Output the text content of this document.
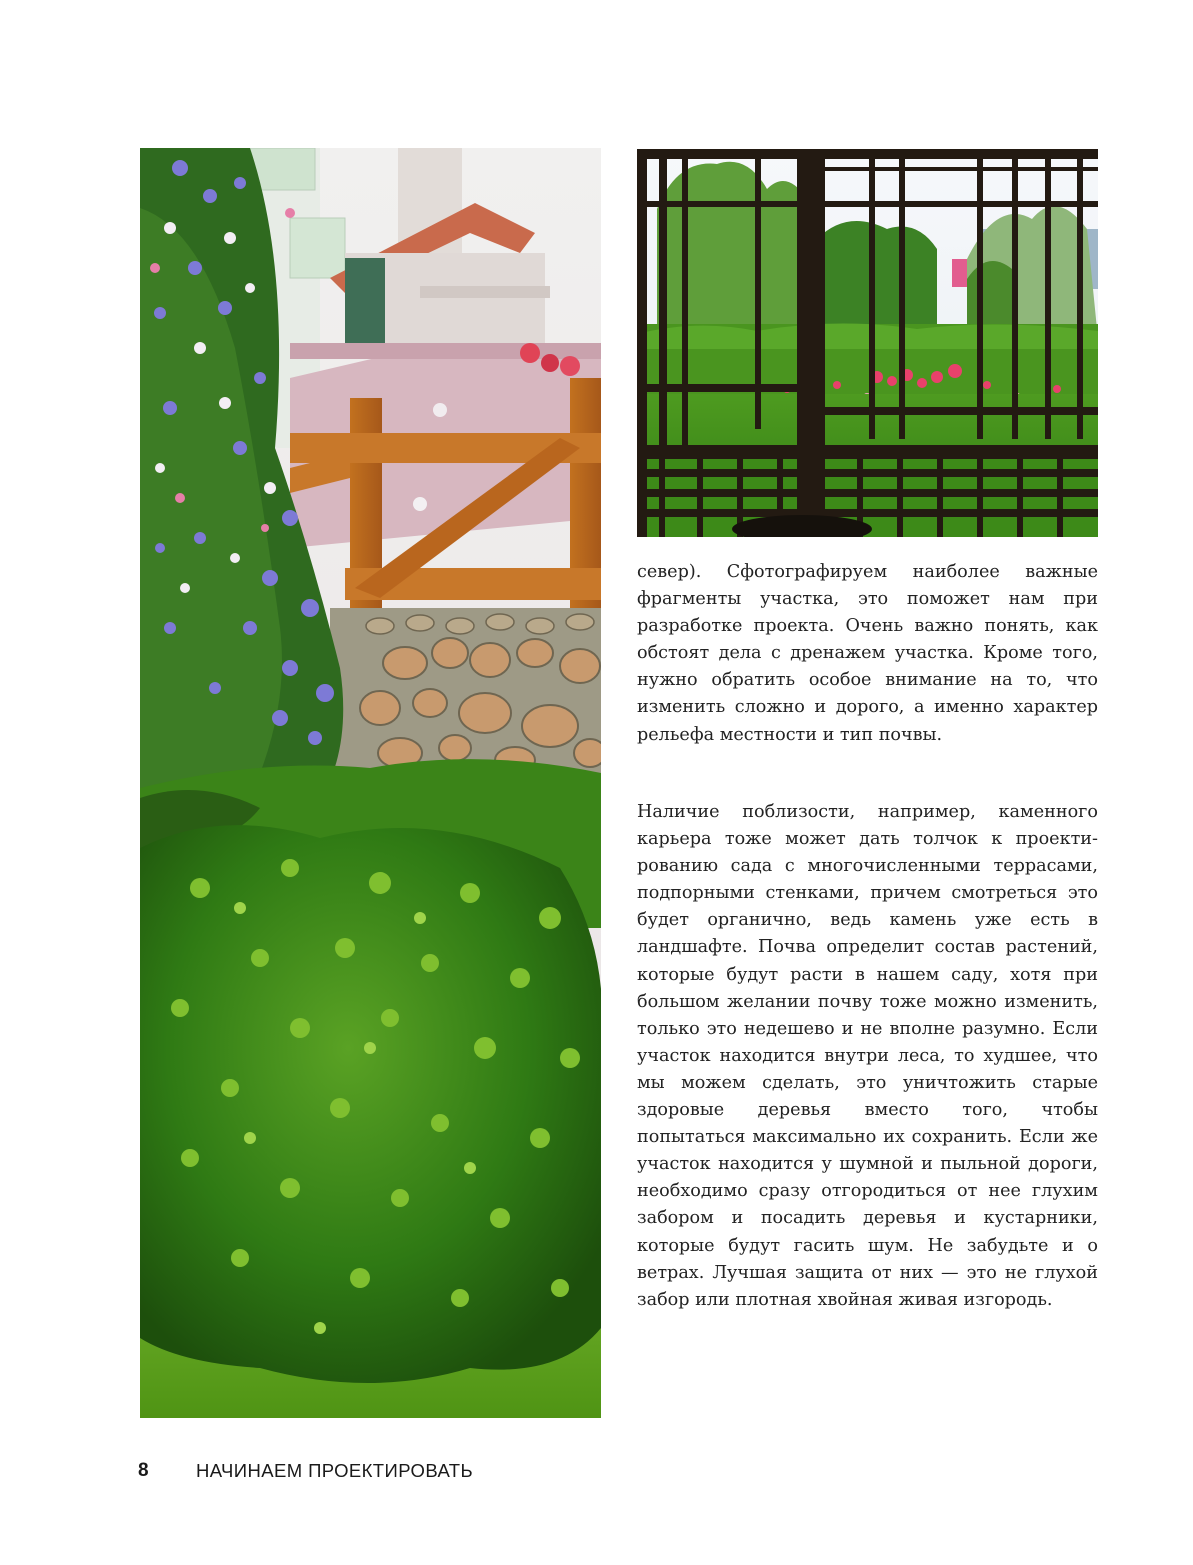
север). Сфотографируем наиболее важные фрагменты участка, это поможет нам при разработке проекта. Очень важно понять, как обстоят дела с дренажем участка. Кроме того, нужно обратить особое внимание на то, что изменить сложно и дорого, а именно характер рельефа местности и тип почвы.

Наличие поблизости, например, каменного карьера тоже может дать толчок к проектированию сада с многочисленными террасами, подпорными стенками, причем смотреться это будет органично, ведь камень уже есть в ландшафте. Почва определит состав растений, которые будут расти в нашем саду, хотя при большом желании почву тоже можно изменить, только это недешево и не вполне разумно. Если участок находится внутри леса, то худшее, что мы можем сделать, это уничтожить старые здоровые деревья вместо того, чтобы попытаться максимально их сохранить. Если же участок находится у шумной и пыльной дороги, необходимо сразу отгородиться от нее глухим забором и посадить деревья и кустарники, которые будут гасить шум. Не забудьте и о ветрах. Лучшая защита от них — это не глухой забор или плотная хвойная живая изгородь.

8	НАЧИНАЕМ ПРОЕКТИРОВАТЬ
